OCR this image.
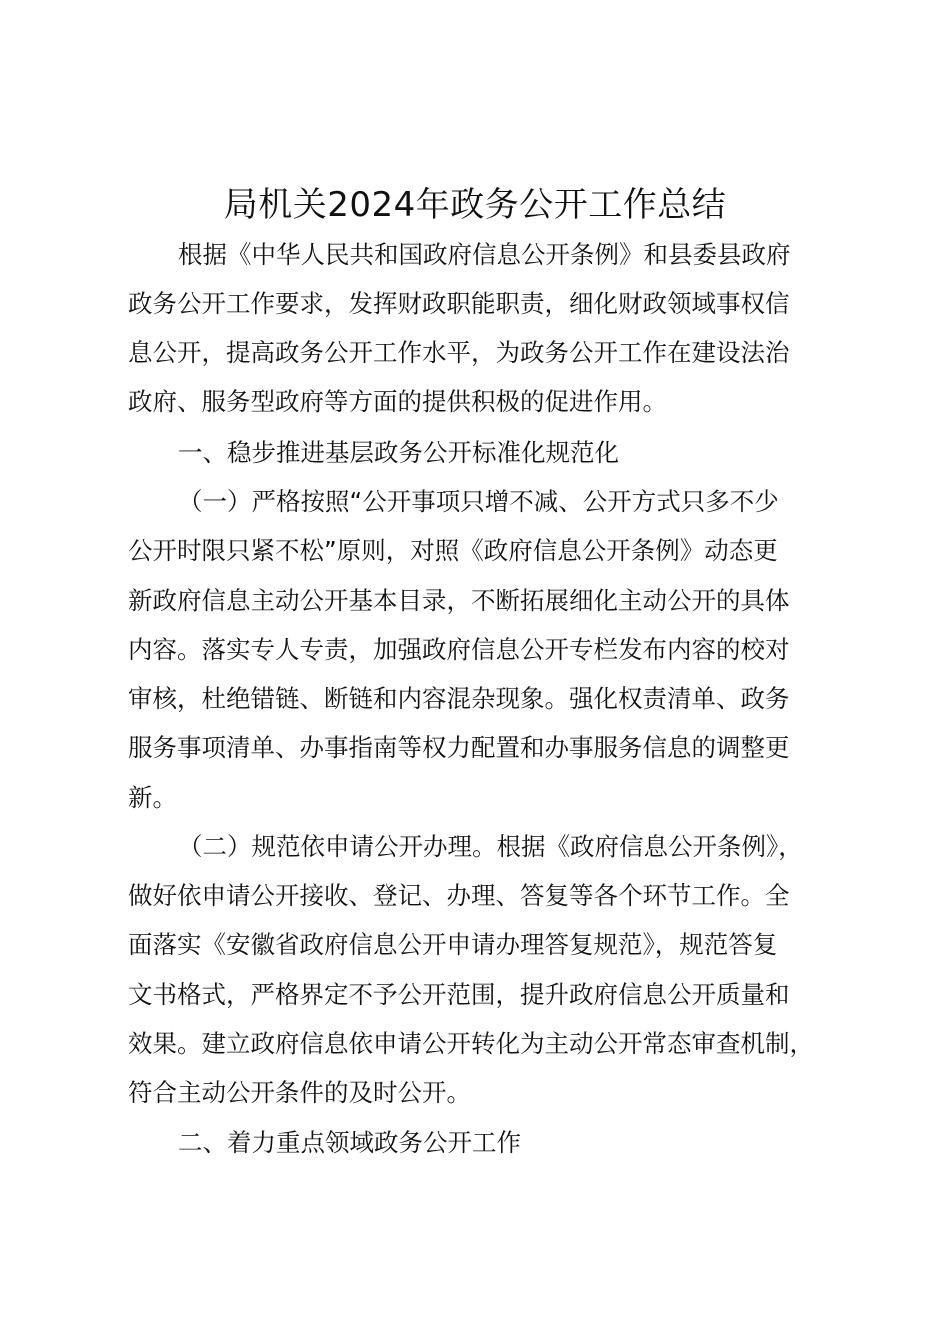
局机关2024年政务公开工作总结

根据《中华人民共和国政府信息公开条例》和县委县政府

政务公开工作要求，发挥财政职能职责，细化财政领域事权信

息公开，提高政务公开工作水平，为政务公开工作在建设法治

政府、服务型政府等方面的提供积极的促进作用。

一、稳步推进基层政务公开标准化规范化

（一）严格按照“公开事项只增不减、公开方式只多不少

公开时限只紧不松”原则，对照《政府信息公开条例》动态更

新政府信息主动公开基本目录，不断拓展细化主动公开的具体

内容。落实专人专责，加强政府信息公开专栏发布内容的校对

审核，杜绝错链、断链和内容混杂现象。强化权责清单、政务

服务事项清单、办事指南等权力配置和办事服务信息的调整更

新。

（二）规范依申请公开办理。根据《政府信息公开条例》，

做好依申请公开接收、登记、办理、答复等各个环节工作。全

面落实《安徽省政府信息公开申请办理答复规范》，规范答复

文书格式，严格界定不予公开范围，提升政府信息公开质量和

效果。建立政府信息依申请公开转化为主动公开常态审查机制，

符合主动公开条件的及时公开。

二、着力重点领域政务公开工作
